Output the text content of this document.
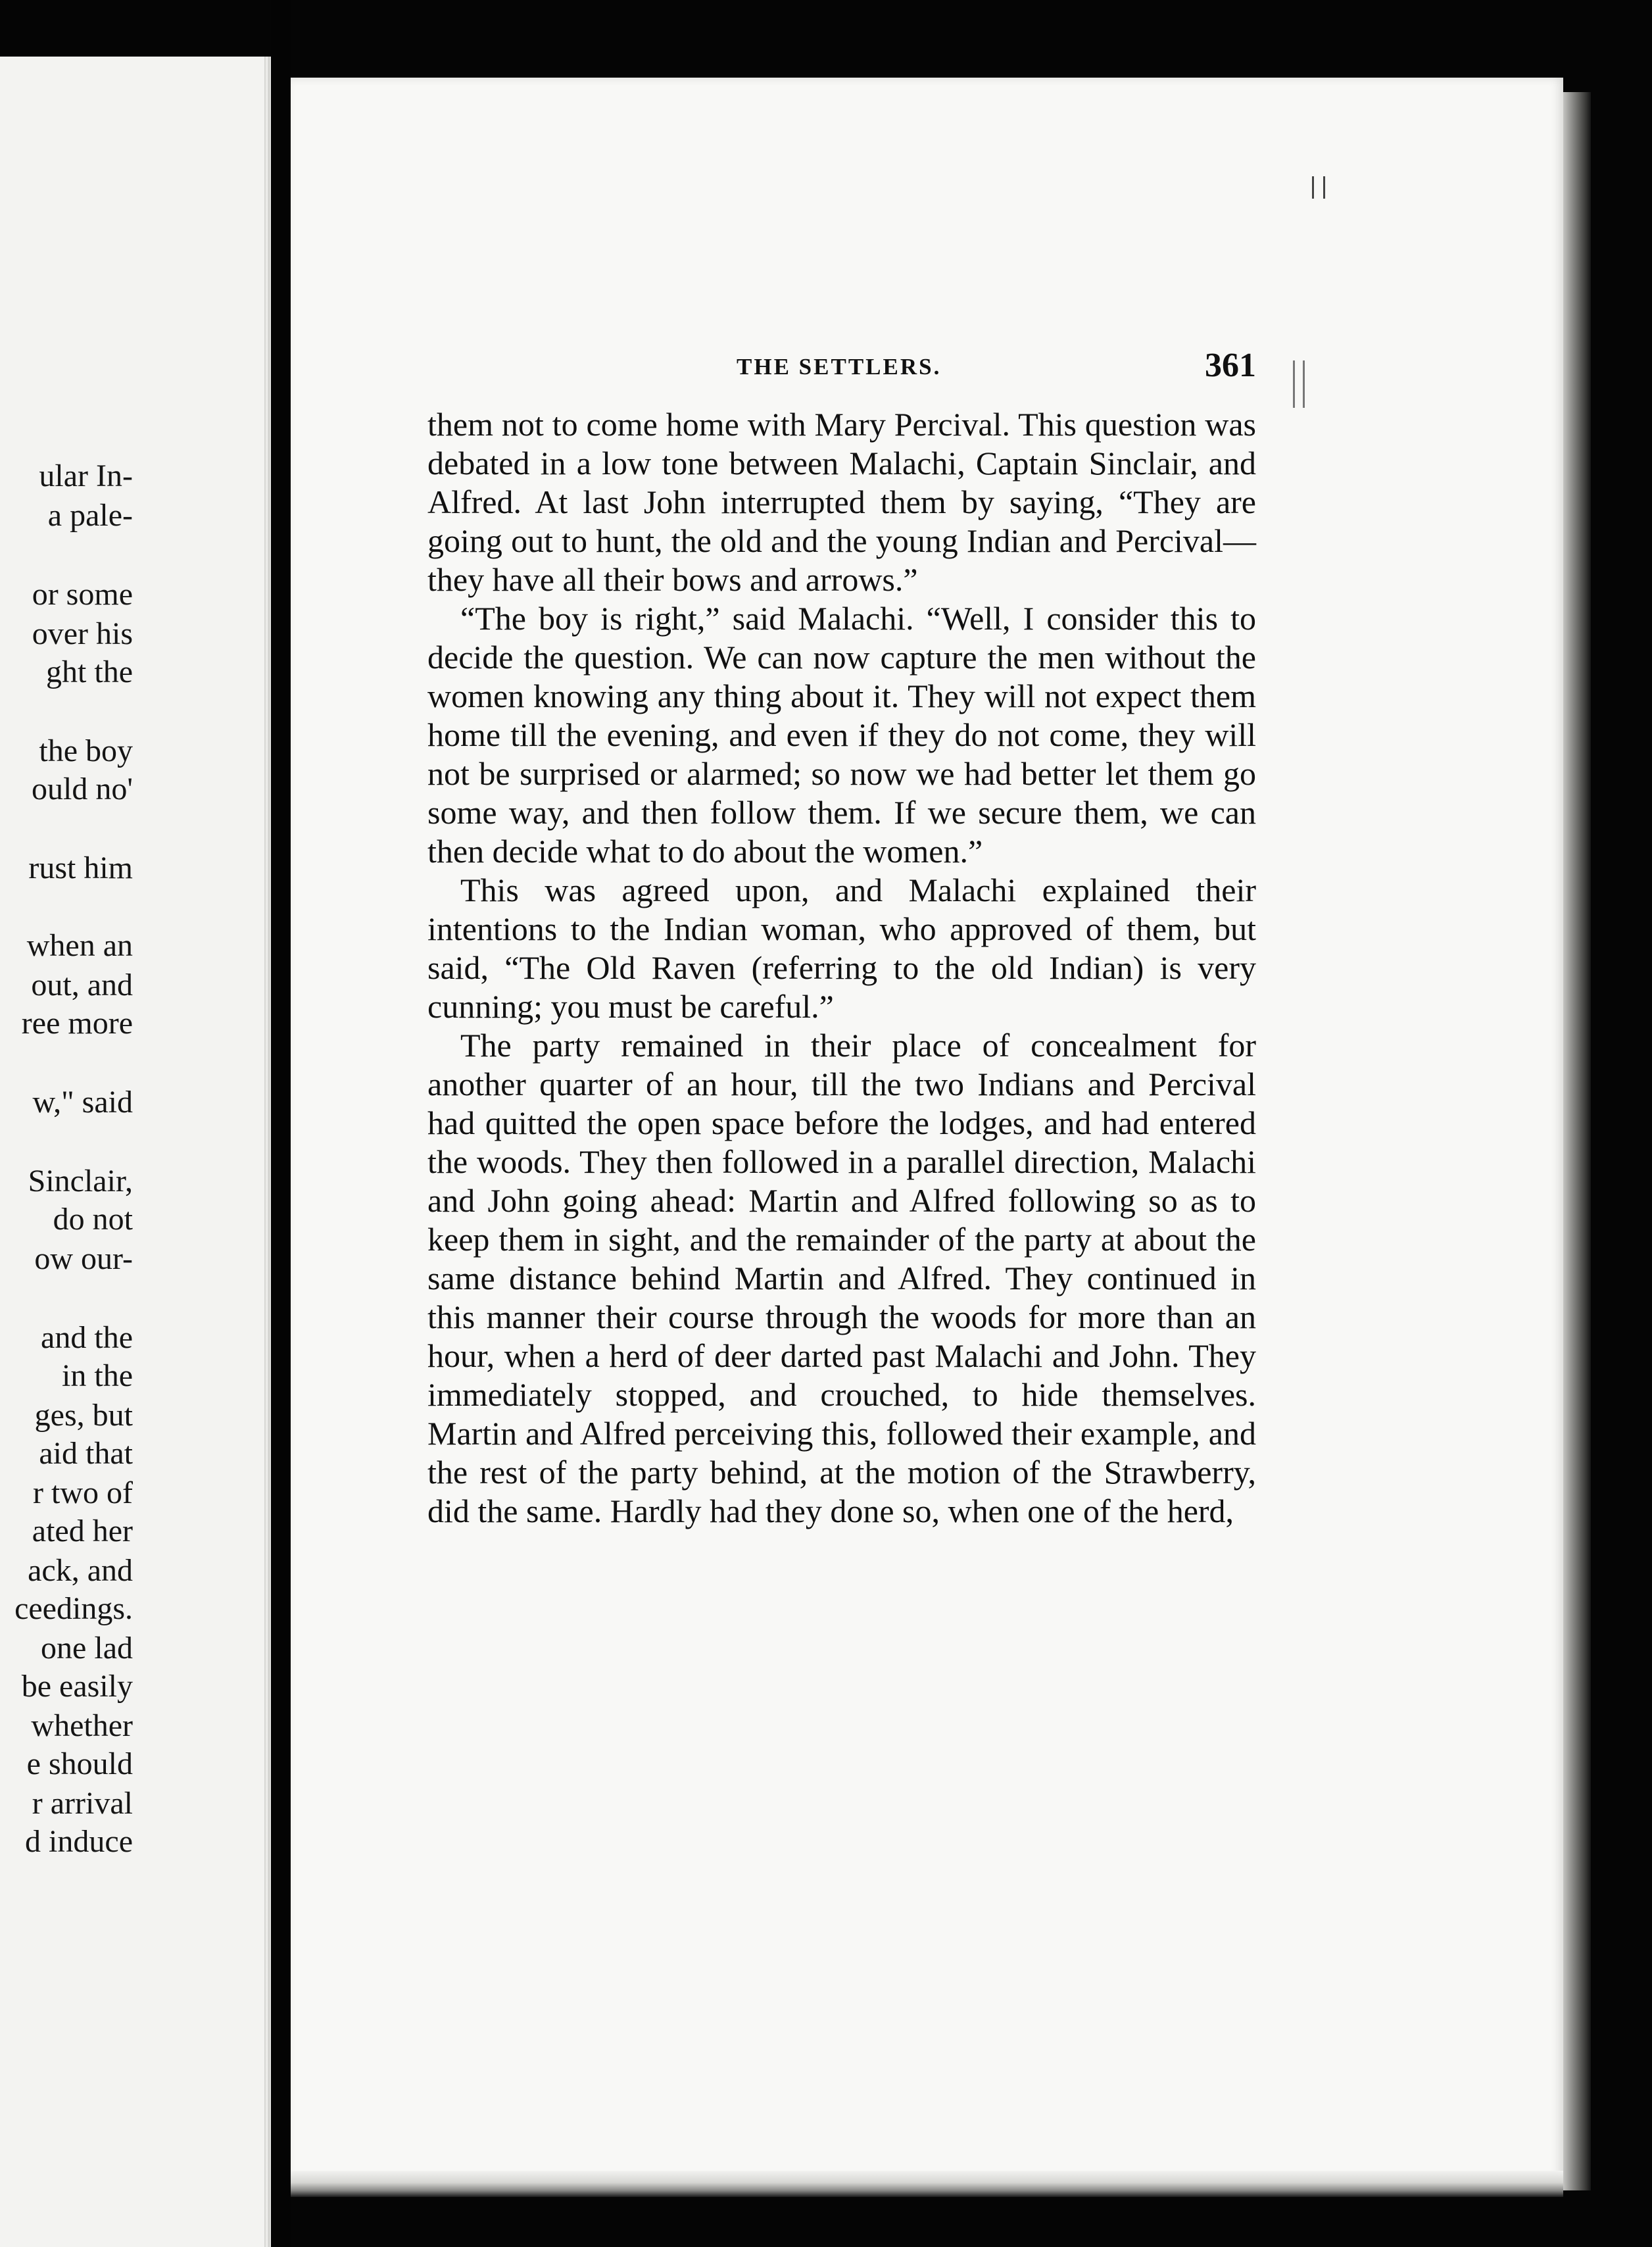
ular In-
a pale-
or some
over his
ght the
the boy
ould no'
rust him
when an
out, and
ree more
w," said
Sinclair,
do not
ow our-
and the
in the
ges, but
aid that
r two of
ated her
ack, and
ceedings.
one lad
be easily
whether
e should
r arrival
d induce
THE SETTLERS.	361

them not to come home with Mary Percival. This question was debated in a low tone between Malachi, Captain Sinclair, and Alfred. At last John interrupted them by saying, “They are going out to hunt, the old and the young Indian and Percival—they have all their bows and arrows.”

“The boy is right,” said Malachi. “Well, I consider this to decide the question. We can now capture the men without the women knowing any thing about it. They will not expect them home till the evening, and even if they do not come, they will not be surprised or alarmed; so now we had better let them go some way, and then follow them. If we secure them, we can then decide what to do about the women.”

This was agreed upon, and Malachi explained their intentions to the Indian woman, who approved of them, but said, “The Old Raven (referring to the old Indian) is very cunning; you must be careful.”

The party remained in their place of concealment for another quarter of an hour, till the two Indians and Percival had quitted the open space before the lodges, and had entered the woods. They then followed in a parallel direction, Malachi and John going ahead: Martin and Alfred following so as to keep them in sight, and the remainder of the party at about the same distance behind Martin and Alfred. They continued in this manner their course through the woods for more than an hour, when a herd of deer darted past Malachi and John. They immediately stopped, and crouched, to hide themselves. Martin and Alfred perceiving this, followed their example, and the rest of the party behind, at the motion of the Strawberry, did the same. Hardly had they done so, when one of the herd,
